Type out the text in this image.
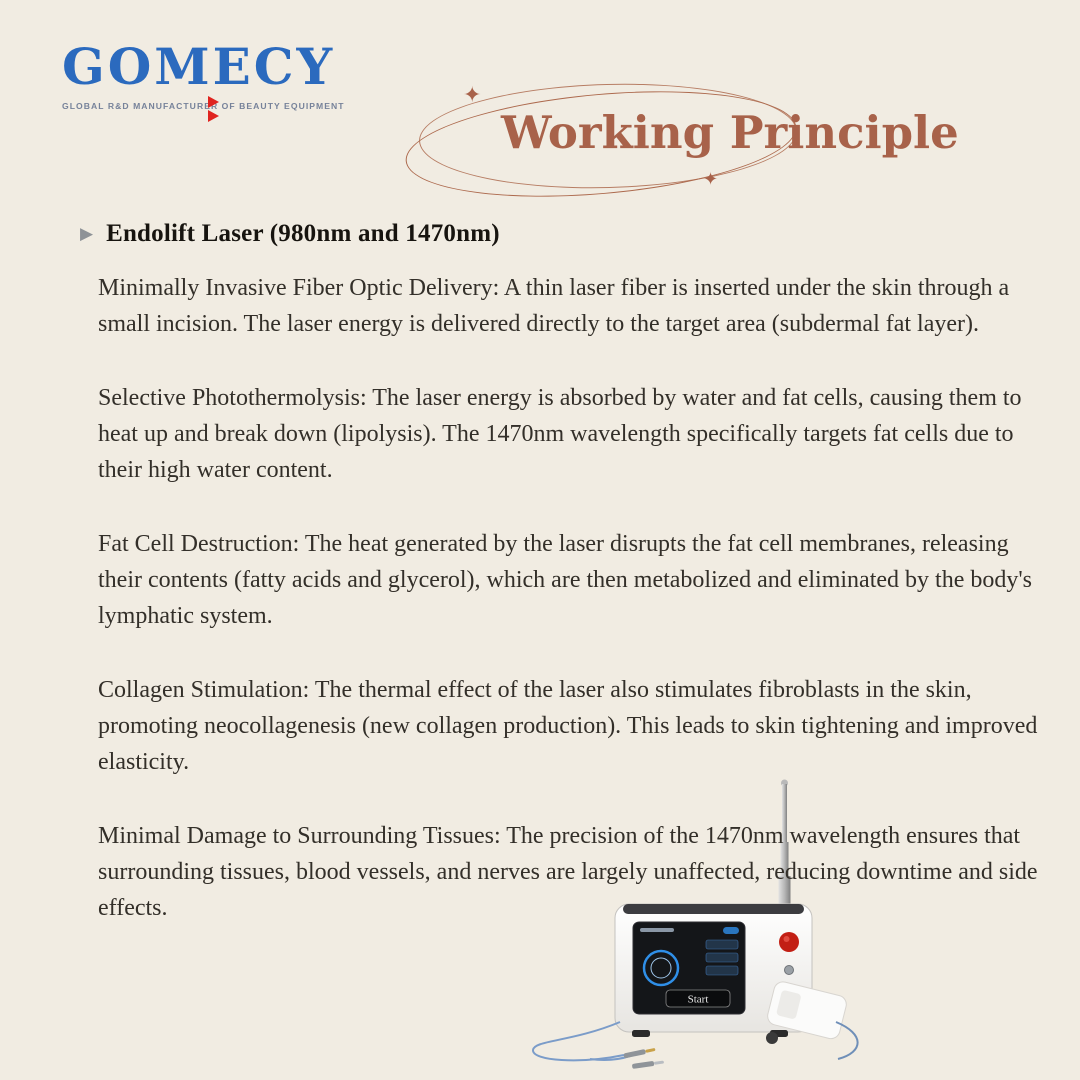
GOMECY
GLOBAL R&D MANUFACTURER OF BEAUTY EQUIPMENT	✦
✦
Working Principle
▶ Endolift Laser (980nm and 1470nm)

Minimally Invasive Fiber Optic Delivery: A thin laser fiber is inserted under the skin through a small incision. The laser energy is delivered directly to the target area (subdermal fat layer).

Selective Photothermolysis: The laser energy is absorbed by water and fat cells, causing them to heat up and break down (lipolysis). The 1470nm wavelength specifically targets fat cells due to their high water content.

Fat Cell Destruction: The heat generated by the laser disrupts the fat cell membranes, releasing their contents (fatty acids and glycerol), which are then metabolized and eliminated by the body's lymphatic system.

Collagen Stimulation: The thermal effect of the laser also stimulates fibroblasts in the skin, promoting neocollagenesis (new collagen production). This leads to skin tightening and improved elasticity.

Minimal Damage to Surrounding Tissues: The precision of the 1470nm wavelength ensures that surrounding tissues, blood vessels, and nerves are largely unaffected, reducing downtime and side effects.

Start
